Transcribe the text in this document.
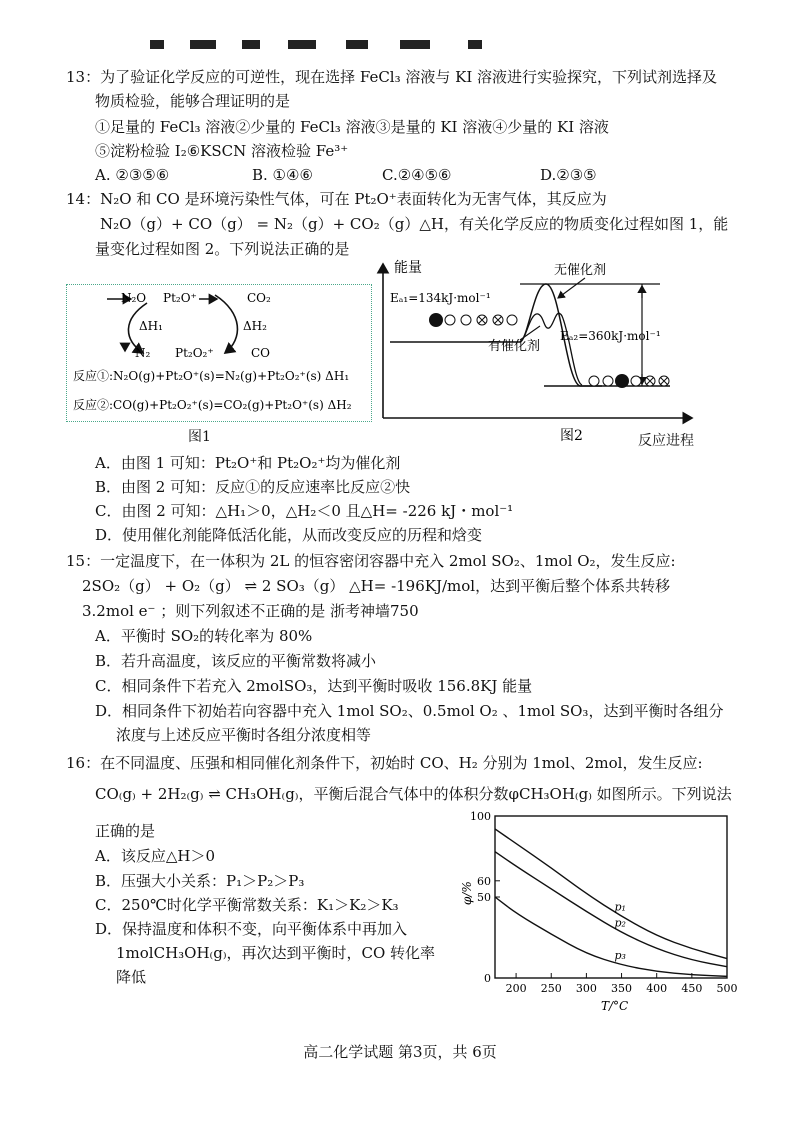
13：为了验证化学反应的可逆性，现在选择 FeCl₃ 溶液与 KI 溶液进行实验探究，下列试剂选择及
物质检验，能够合理证明的是
①足量的 FeCl₃ 溶液②少量的 FeCl₃ 溶液③是量的 KI 溶液④少量的 KI 溶液
⑤淀粉检验 I₂⑥KSCN 溶液检验 Fe³⁺
A. ②③⑤⑥	B. ①④⑥	C.②④⑤⑥	D.②③⑤
14：N₂O 和 CO 是环境污染性气体，可在 Pt₂O⁺表面转化为无害气体，其反应为
N₂O（g）+ CO（g） = N₂（g）+ CO₂（g）△H，有关化学反应的物质变化过程如图 1，能
量变化过程如图 2。下列说法正确的是
N₂O Pt₂O⁺	CO₂
ΔH₁	ΔH₂
N₂ Pt₂O₂⁺	CO
反应①:N₂O(g)+Pt₂O⁺(s)=N₂(g)+Pt₂O₂⁺(s) ΔH₁
反应②:CO(g)+Pt₂O₂⁺(s)=CO₂(g)+Pt₂O⁺(s) ΔH₂
图1
能量	无催化剂
Eₐ₁=134kJ·mol⁻¹
Eₐ₂=360kJ·mol⁻¹
有催化剂
图2	反应进程
A．由图 1 可知：Pt₂O⁺和 Pt₂O₂⁺均为催化剂
B．由图 2 可知：反应①的反应速率比反应②快
C．由图 2 可知：△H₁＞0，△H₂＜0 且△H= -226 kJ・mol⁻¹
D．使用催化剂能降低活化能，从而改变反应的历程和焓变
15：一定温度下，在一体积为 2L 的恒容密闭容器中充入 2mol SO₂、1mol O₂，发生反应:
2SO₂（g） + O₂（g） ⇌ 2 SO₃（g） △H= -196KJ/mol，达到平衡后整个体系共转移
3.2mol e⁻ ；则下列叙述不正确的是 浙考神墙750
A．平衡时 SO₂的转化率为 80%
B．若升高温度，该反应的平衡常数将减小
C．相同条件下若充入 2molSO₃，达到平衡时吸收 156.8KJ 能量
D．相同条件下初始若向容器中充入 1mol SO₂、0.5mol O₂ 、1mol SO₃，达到平衡时各组分
浓度与上述反应平衡时各组分浓度相等
16：在不同温度、压强和相同催化剂条件下，初始时 CO、H₂ 分别为 1mol、2mol，发生反应:
CO₍g₎ + 2H₂₍g₎ ⇌ CH₃OH₍g₎，平衡后混合气体中的体积分数φCH₃OH₍g₎ 如图所示。下列说法
正确的是
A．该反应△H＞0
B．压强大小关系：P₁＞P₂＞P₃
C．250℃时化学平衡常数关系：K₁＞K₂＞K₃
D．保持温度和体积不变，向平衡体系中再加入
1molCH₃OH₍g₎，再次达到平衡时，CO 转化率
降低	0
50
60
100
200 250 300 350 400 450 500
p₁
p₂
p₃
φ/%
T/°C
高二化学试题 第3页，共 6页
